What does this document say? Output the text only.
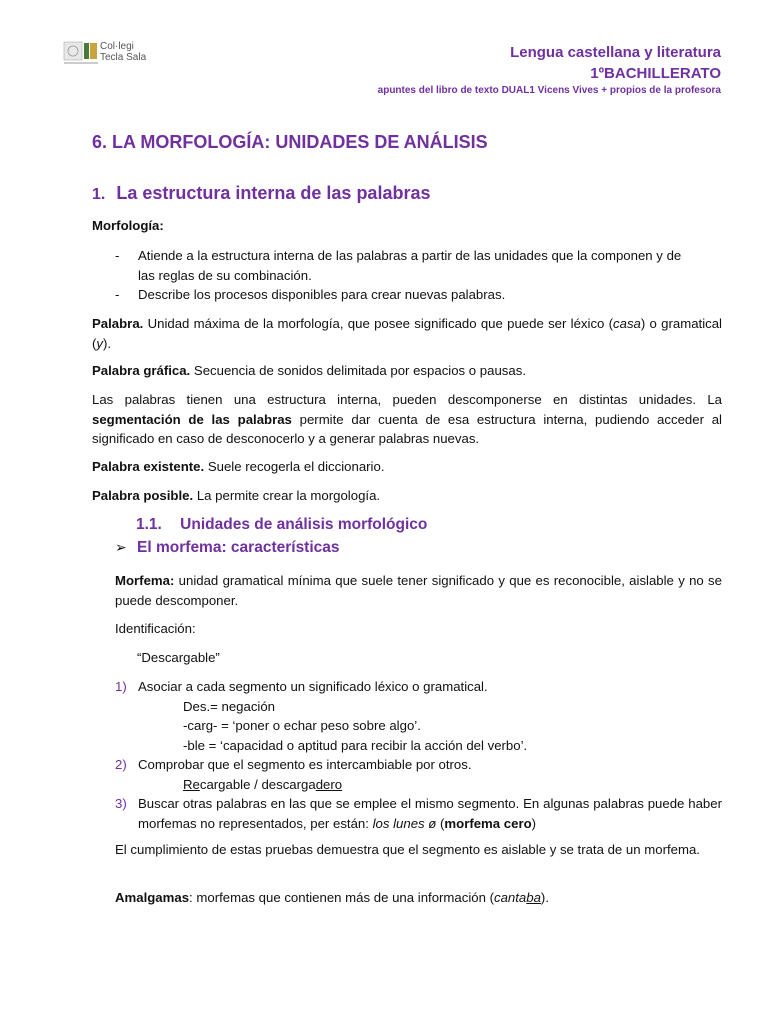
Col·legi
Tecla Sala	Lengua castellana y literatura
1ºBACHILLERATO
apuntes del libro de texto DUAL1 Vicens Vives + propios de la profesora
6. LA MORFOLOGÍA: UNIDADES DE ANÁLISIS
1. La estructura interna de las palabras
Morfología:
- Atiende a la estructura interna de las palabras a partir de las unidades que la componen y de
las reglas de su combinación.
- Describe los procesos disponibles para crear nuevas palabras.
Palabra. Unidad máxima de la morfología, que posee significado que puede ser léxico (casa) o gramatical (y).
Palabra gráfica. Secuencia de sonidos delimitada por espacios o pausas.
Las palabras tienen una estructura interna, pueden descomponerse en distintas unidades. La segmentación de las palabras permite dar cuenta de esa estructura interna, pudiendo acceder al significado en caso de desconocerlo y a generar palabras nuevas.
Palabra existente. Suele recogerla el diccionario.
Palabra posible. La permite crear la morgología.
1.1. Unidades de análisis morfológico
➢ El morfema: características
Morfema: unidad gramatical mínima que suele tener significado y que es reconocible, aislable y no se puede descomponer.
Identificación:
“Descargable”
1) Asociar a cada segmento un significado léxico o gramatical.
Des.= negación
-carg- = ‘poner o echar peso sobre algo’.
-ble = ‘capacidad o aptitud para recibir la acción del verbo’.
2) Comprobar que el segmento es intercambiable por otros.
Recargable / descargadero
3) Buscar otras palabras en las que se emplee el mismo segmento. En algunas palabras puede haber morfemas no representados, per están: los lunes ø (morfema cero)
El cumplimiento de estas pruebas demuestra que el segmento es aislable y se trata de un morfema.
Amalgamas: morfemas que contienen más de una información (cantaba).
